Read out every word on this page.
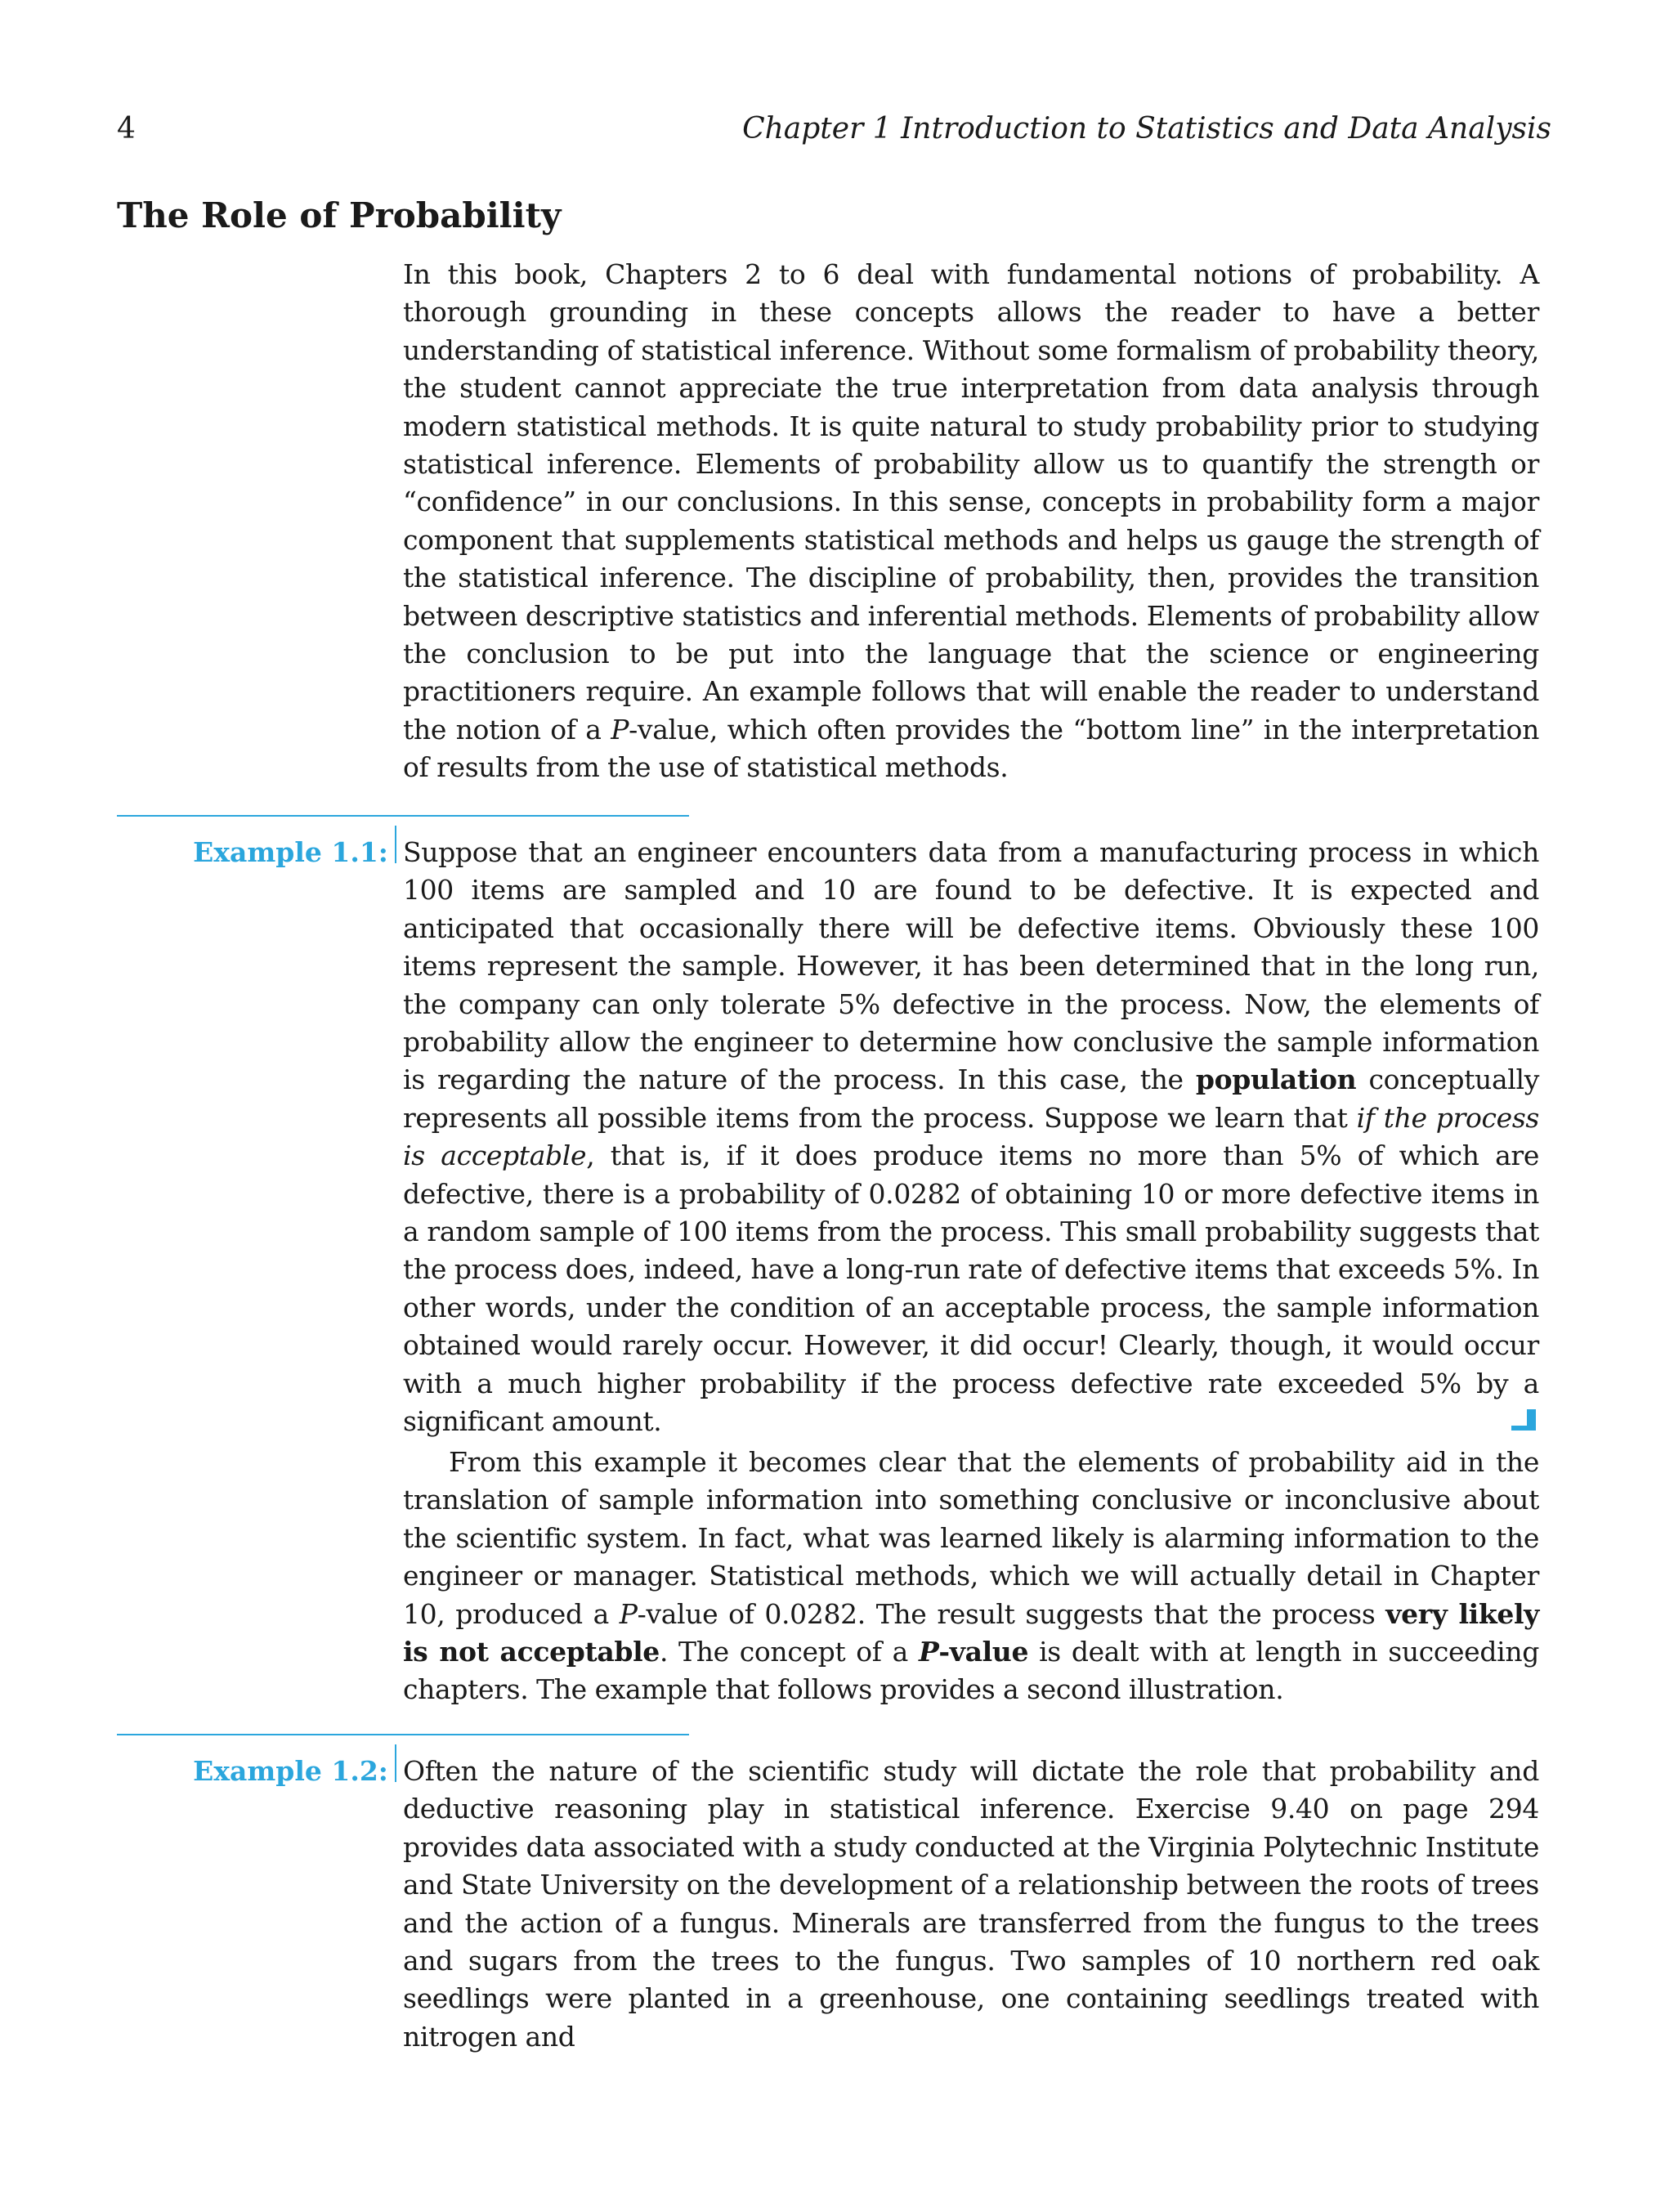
4	Chapter 1 Introduction to Statistics and Data Analysis
The Role of Probability

In this book, Chapters 2 to 6 deal with fundamental notions of probability. A thorough grounding in these concepts allows the reader to have a better understanding of statistical inference. Without some formalism of probability theory, the student cannot appreciate the true interpretation from data analysis through modern statistical methods. It is quite natural to study probability prior to studying statistical inference. Elements of probability allow us to quantify the strength or “confidence” in our conclusions. In this sense, concepts in probability form a major component that supplements statistical methods and helps us gauge the strength of the statistical inference. The discipline of probability, then, provides the transition between descriptive statistics and inferential methods. Elements of probability allow the conclusion to be put into the language that the science or engineering practitioners require. An example follows that will enable the reader to understand the notion of a P-value, which often provides the “bottom line” in the interpretation of results from the use of statistical methods.

Example 1.1: Suppose that an engineer encounters data from a manufacturing process in which 100 items are sampled and 10 are found to be defective. It is expected and anticipated that occasionally there will be defective items. Obviously these 100 items represent the sample. However, it has been determined that in the long run, the company can only tolerate 5% defective in the process. Now, the elements of probability allow the engineer to determine how conclusive the sample information is regarding the nature of the process. In this case, the population conceptually represents all possible items from the process. Suppose we learn that if the process is acceptable, that is, if it does produce items no more than 5% of which are defective, there is a probability of 0.0282 of obtaining 10 or more defective items in a random sample of 100 items from the process. This small probability suggests that the process does, indeed, have a long-run rate of defective items that exceeds 5%. In other words, under the condition of an acceptable process, the sample information obtained would rarely occur. However, it did occur! Clearly, though, it would occur with a much higher probability if the process defective rate exceeded 5% by a significant amount.

From this example it becomes clear that the elements of probability aid in the translation of sample information into something conclusive or inconclusive about the scientific system. In fact, what was learned likely is alarming information to the engineer or manager. Statistical methods, which we will actually detail in Chapter 10, produced a P-value of 0.0282. The result suggests that the process very likely is not acceptable. The concept of a P-value is dealt with at length in succeeding chapters. The example that follows provides a second illustration.

Example 1.2: Often the nature of the scientific study will dictate the role that probability and deductive reasoning play in statistical inference. Exercise 9.40 on page 294 provides data associated with a study conducted at the Virginia Polytechnic Institute and State University on the development of a relationship between the roots of trees and the action of a fungus. Minerals are transferred from the fungus to the trees and sugars from the trees to the fungus. Two samples of 10 northern red oak seedlings were planted in a greenhouse, one containing seedlings treated with nitrogen and
